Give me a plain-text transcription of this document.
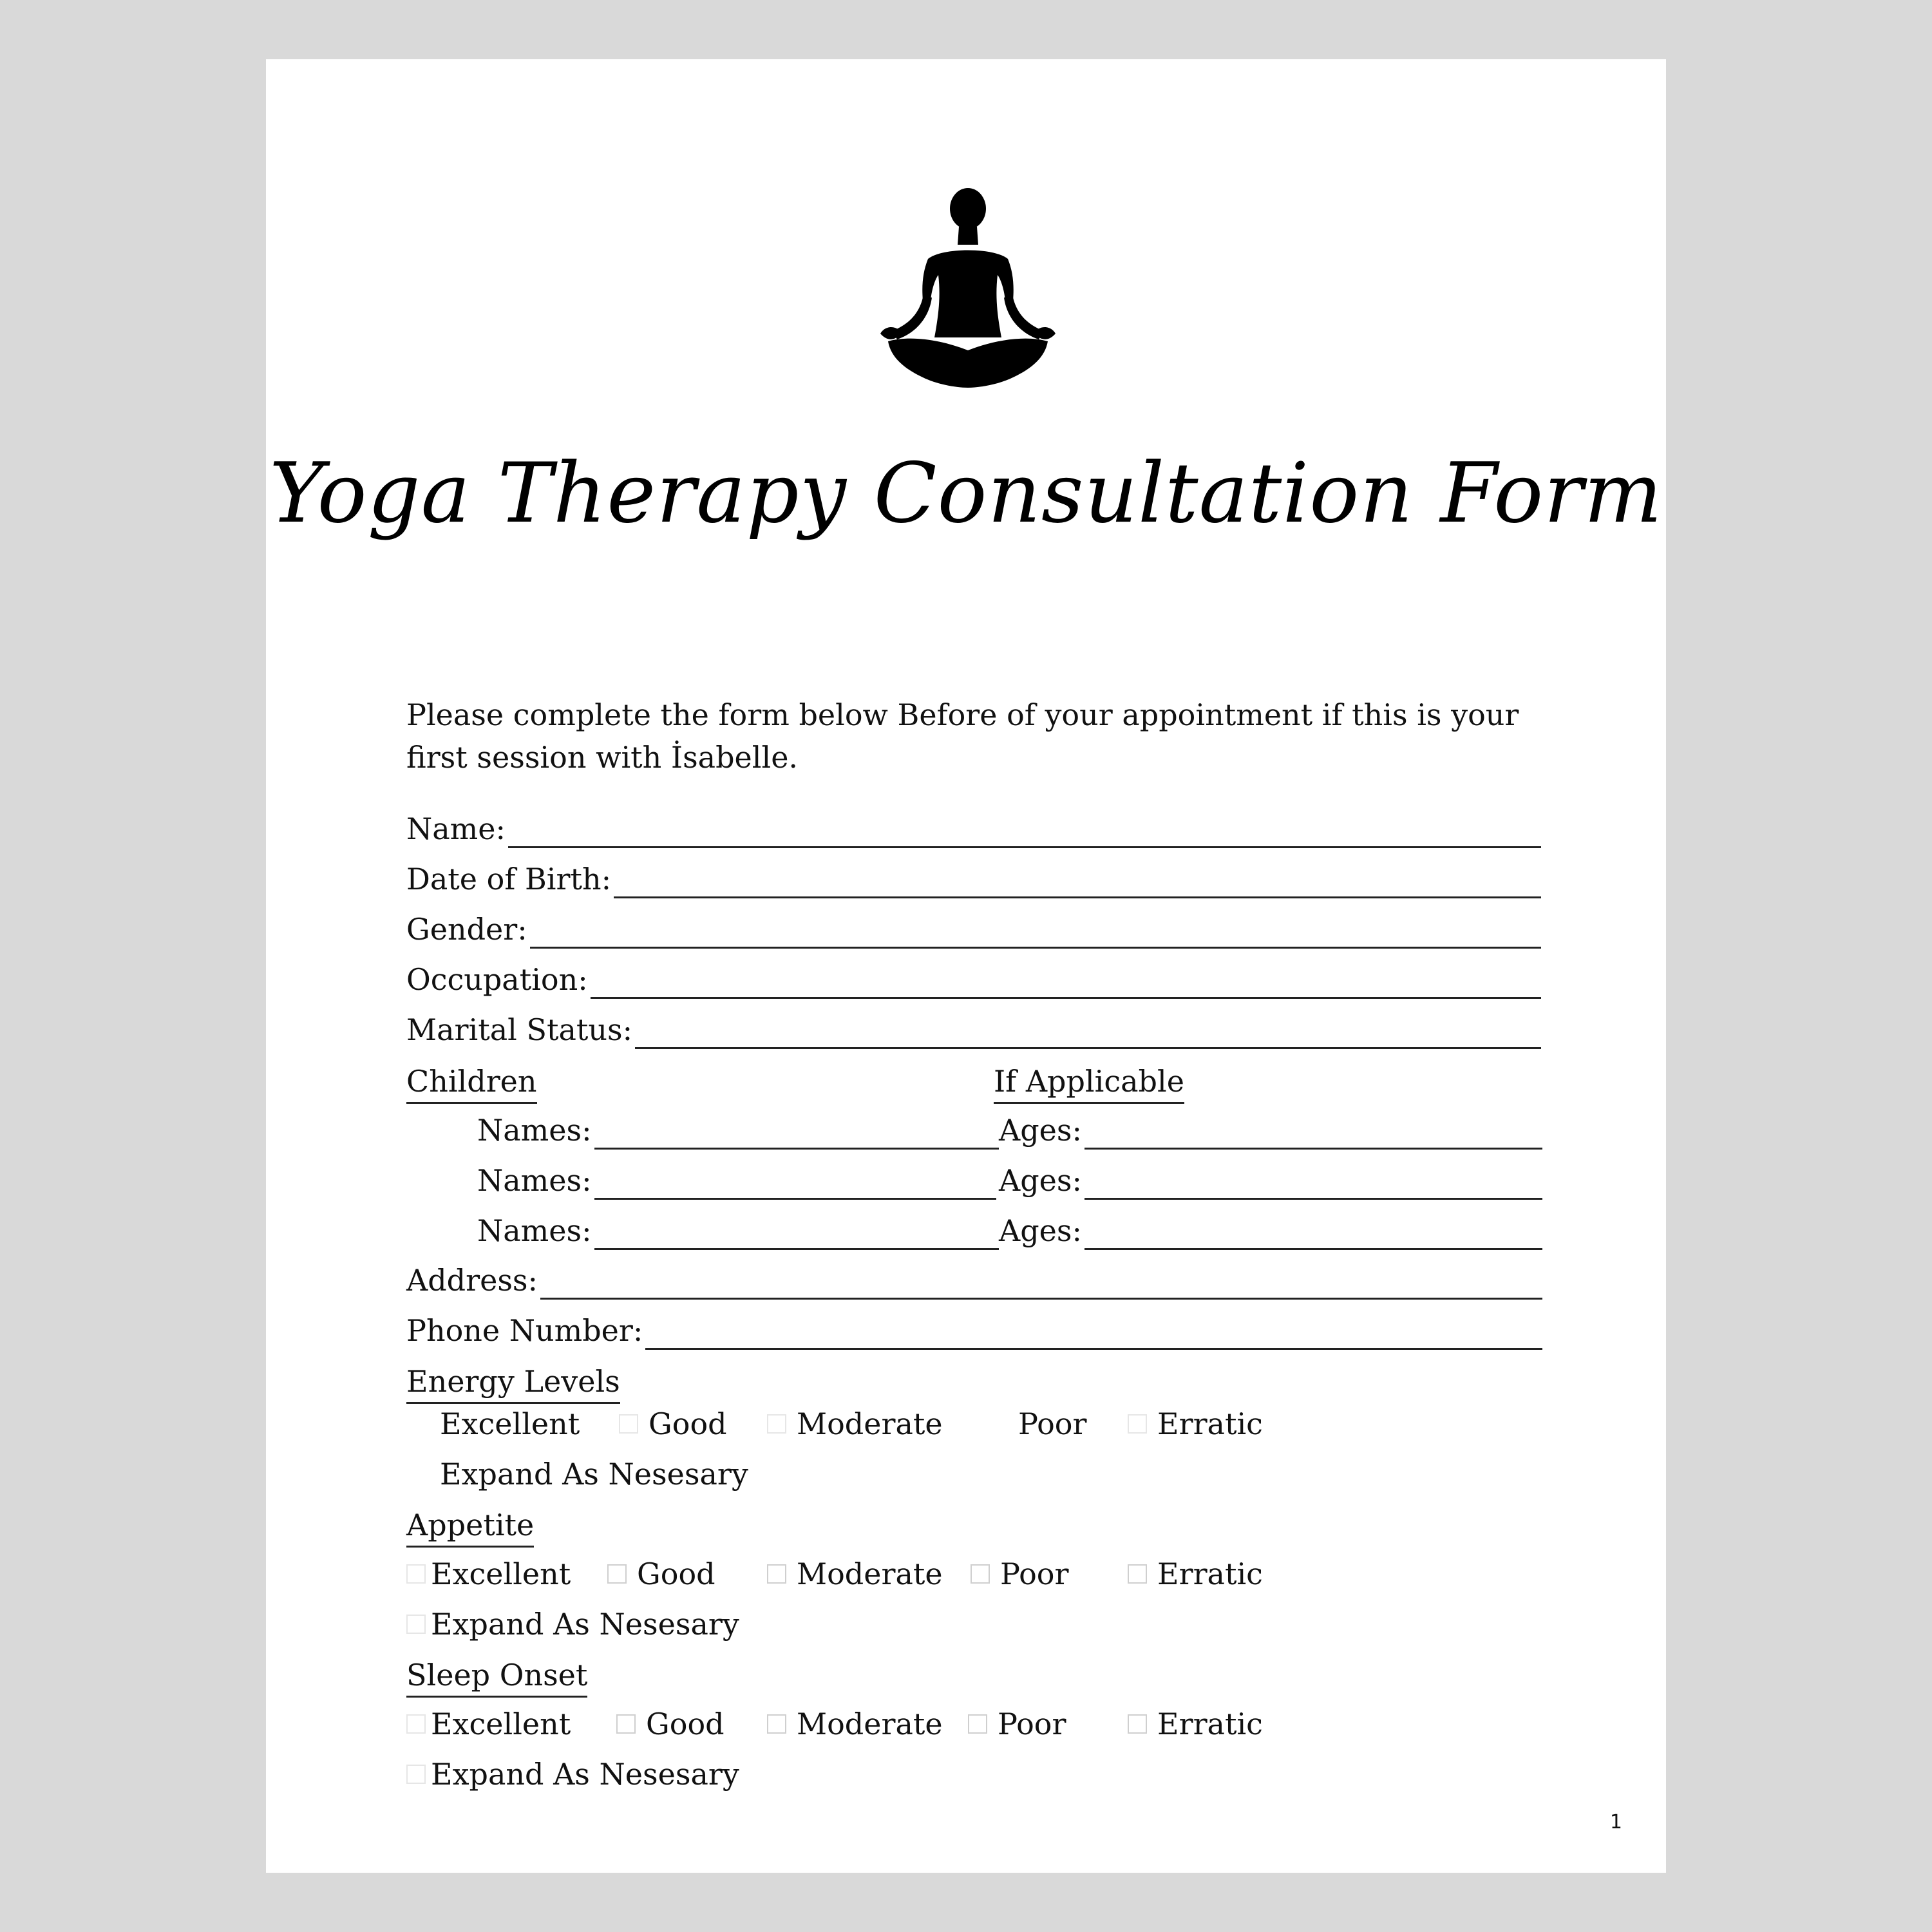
Yoga Therapy Consultation Form

Please complete the form below Before of your appointment if this is your first session with İsabelle.

Name:
Date of Birth:
Gender:
Occupation:
Marital Status:
Children	If Applicable
Names:	Ages:
Names:	Ages:
Names:	Ages:
Address:
Phone Number:
Energy Levels
Excellent Good Moderate	Poor Erratic
Expand As Nesesary
Appetite
Excellent Good	Moderate Poor	Erratic
Expand As Nesesary
Sleep Onset
Excellent	Good Moderate Poor	Erratic
Expand As Nesesary
1
